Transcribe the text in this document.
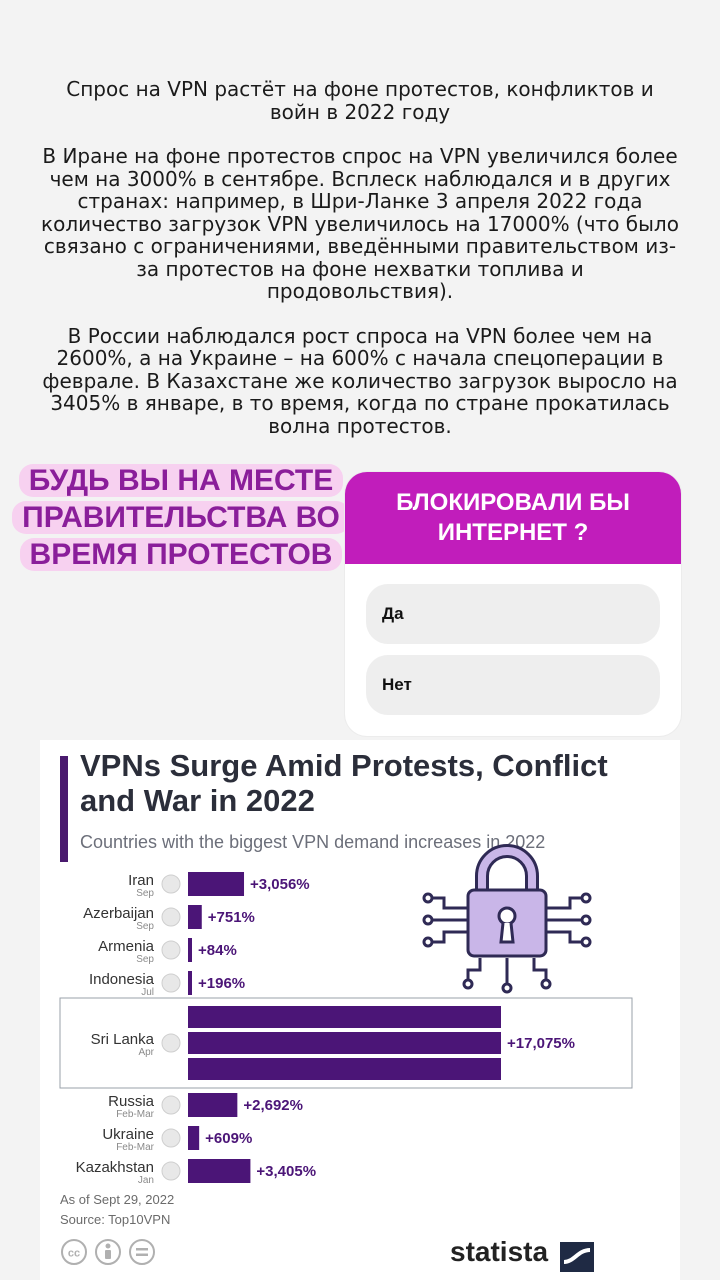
Спрос на VPN растёт на фоне протестов, конфликтов и войн в 2022 году

В Иране на фоне протестов спрос на VPN увеличился более чем на 3000% в сентябре. Всплеск наблюдался и в других странах: например, в Шри-Ланке 3 апреля 2022 года количество загрузок VPN увеличилось на 17000% (что было связано с ограничениями, введёнными правительством из-за протестов на фоне нехватки топлива и продовольствия).

В России наблюдался рост спроса на VPN более чем на 2600%, а на Украине – на 600% с начала спецоперации в феврале. В Казахстане же количество загрузок выросло на 3405% в январе, в то время, когда по стране прокатилась волна протестов.

БУДЬ ВЫ НА МЕСТЕ ПРАВИТЕЛЬСТВА ВО ВРЕМЯ ПРОТЕСТОВ
БЛОКИРОВАЛИ БЫ ИНТЕРНЕТ ?
Да
Нет
VPNs Surge Amid Protests, Conflict and War in 2022
Countries with the biggest VPN demand increases in 2022
Iran
Sep
+3,056%
Azerbaijan
Sep
+751%
Armenia
Sep
+84%
Indonesia
Jul
+196%
Sri Lanka
Apr
+17,075%
Russia
Feb-Mar
+2,692%
Ukraine
Feb-Mar
+609%
Kazakhstan
Jan
+3,405%
As of Sept 29, 2022
Source: Top10VPN
cc	statista
